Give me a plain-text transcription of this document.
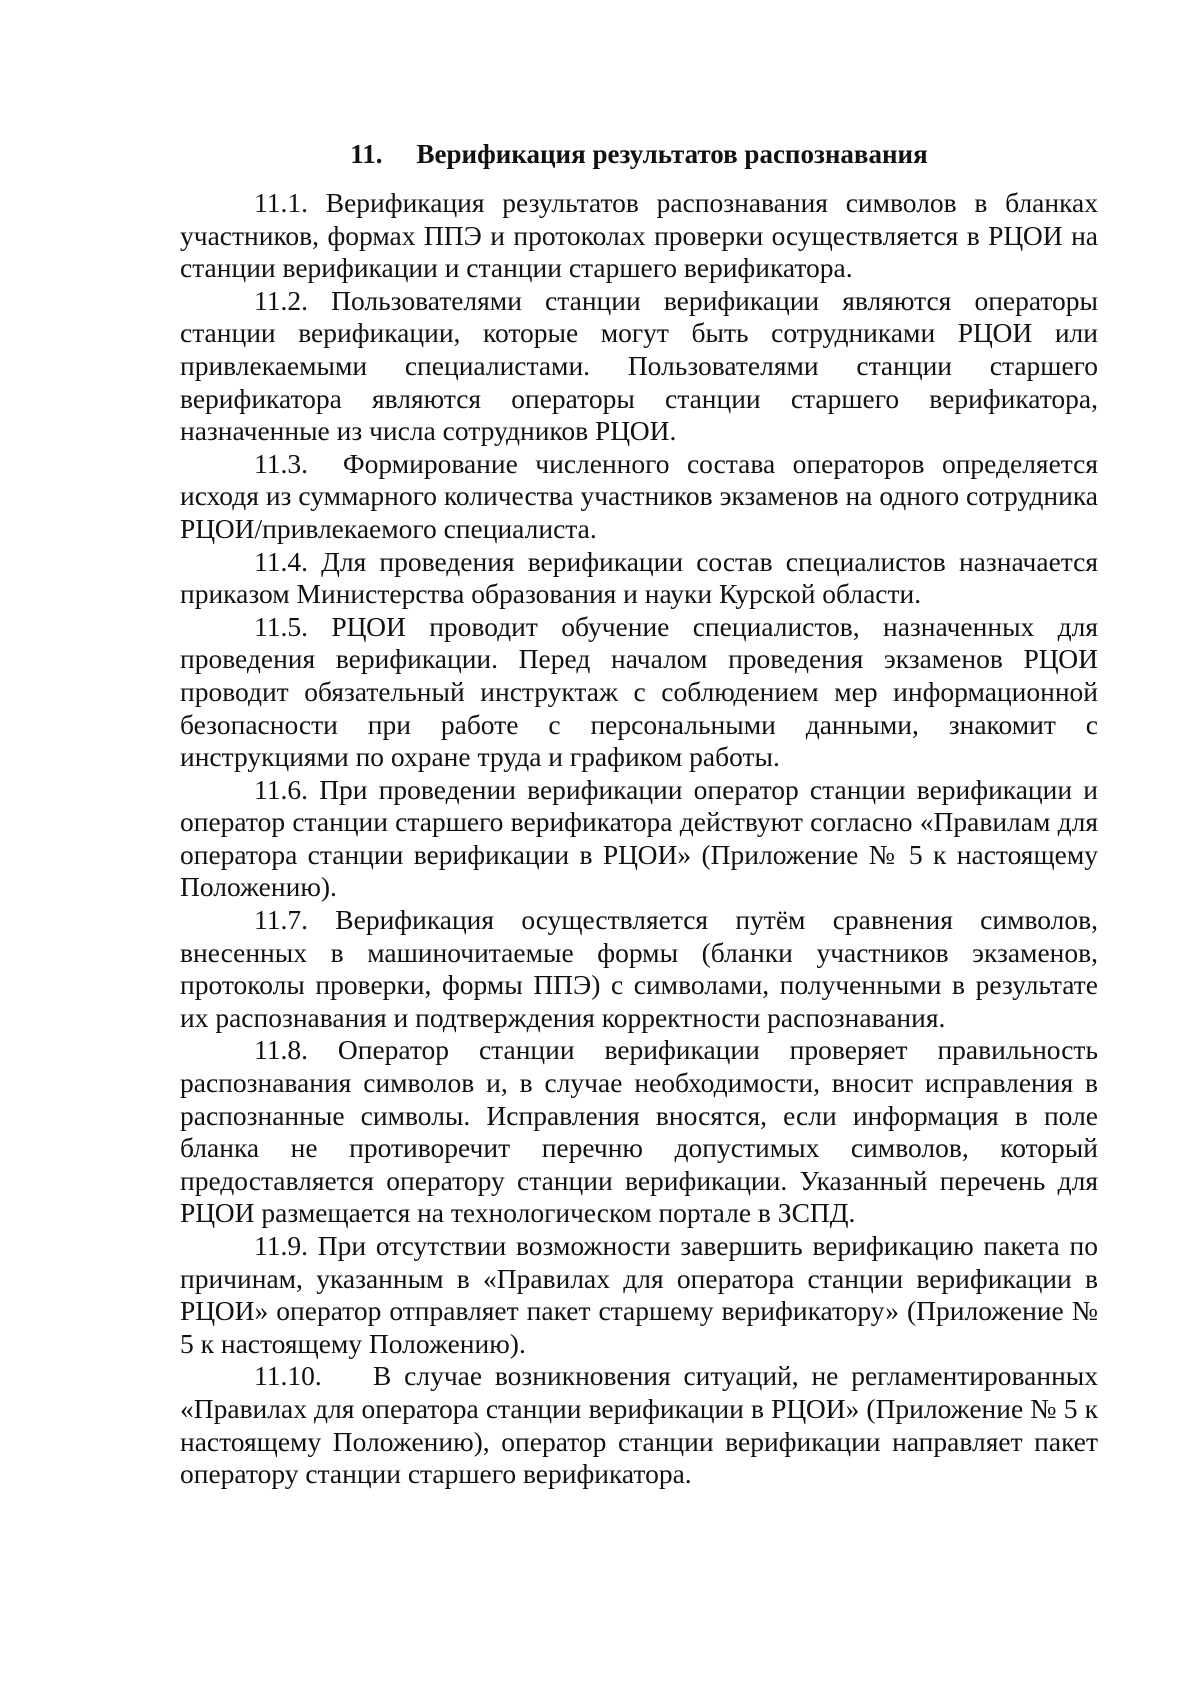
11. Верификация результатов распознавания

11.1. Верификация результатов распознавания символов в бланках участников, формах ППЭ и протоколах проверки осуществляется в РЦОИ на станции верификации и станции старшего верификатора.

11.2. Пользователями станции верификации являются операторы станции верификации, которые могут быть сотрудниками РЦОИ или привлекаемыми специалистами. Пользователями станции старшего верификатора являются операторы станции старшего верификатора, назначенные из числа сотрудников РЦОИ.

11.3. Формирование численного состава операторов определяется исходя из суммарного количества участников экзаменов на одного сотрудника РЦОИ/привлекаемого специалиста.

11.4. Для проведения верификации состав специалистов назначается приказом Министерства образования и науки Курской области.

11.5. РЦОИ проводит обучение специалистов, назначенных для проведения верификации. Перед началом проведения экзаменов РЦОИ проводит обязательный инструктаж с соблюдением мер информационной безопасности при работе с персональными данными, знакомит с инструкциями по охране труда и графиком работы.

11.6. При проведении верификации оператор станции верификации и оператор станции старшего верификатора действуют согласно «Правилам для оператора станции верификации в РЦОИ» (Приложение № 5 к настоящему Положению).

11.7. Верификация осуществляется путём сравнения символов, внесенных в машиночитаемые формы (бланки участников экзаменов, протоколы проверки, формы ППЭ) с символами, полученными в результате их распознавания и подтверждения корректности распознавания.

11.8. Оператор станции верификации проверяет правильность распознавания символов и, в случае необходимости, вносит исправления в распознанные символы. Исправления вносятся, если информация в поле бланка не противоречит перечню допустимых символов, который предоставляется оператору станции верификации. Указанный перечень для РЦОИ размещается на технологическом портале в ЗСПД.

11.9. При отсутствии возможности завершить верификацию пакета по причинам, указанным в «Правилах для оператора станции верификации в РЦОИ» оператор отправляет пакет старшему верификатору» (Приложение № 5 к настоящему Положению).

11.10. В случае возникновения ситуаций, не регламентированных «Правилах для оператора станции верификации в РЦОИ» (Приложение № 5 к настоящему Положению), оператор станции верификации направляет пакет оператору станции старшего верификатора.
